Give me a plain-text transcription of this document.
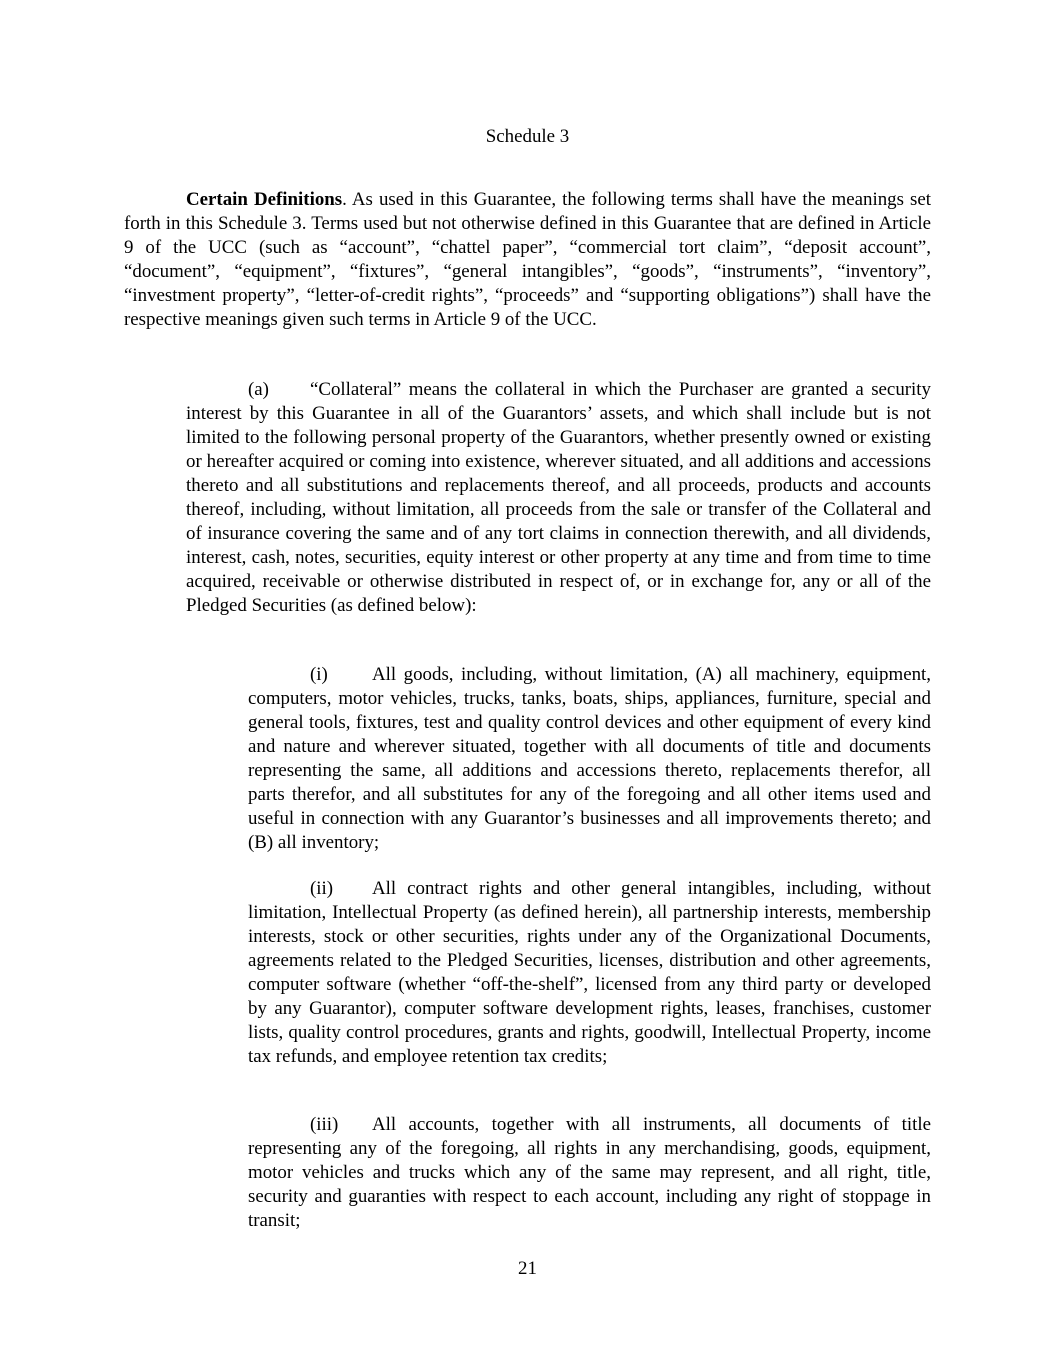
Schedule 3

Certain Definitions. As used in this Guarantee, the following terms shall have the meanings set forth in this Schedule 3. Terms used but not otherwise defined in this Guarantee that are defined in Article 9 of the UCC (such as “account”, “chattel paper”, “commercial tort claim”, “deposit account”, “document”, “equipment”, “fixtures”, “general intangibles”, “goods”, “instruments”, “inventory”, “investment property”, “letter-of-credit rights”, “proceeds” and “supporting obligations”) shall have the respective meanings given such terms in Article 9 of the UCC.

(a) “Collateral” means the collateral in which the Purchaser are granted a security interest by this Guarantee in all of the Guarantors’ assets, and which shall include but is not limited to the following personal property of the Guarantors, whether presently owned or existing or hereafter acquired or coming into existence, wherever situated, and all additions and accessions thereto and all substitutions and replacements thereof, and all proceeds, products and accounts thereof, including, without limitation, all proceeds from the sale or transfer of the Collateral and of insurance covering the same and of any tort claims in connection therewith, and all dividends, interest, cash, notes, securities, equity interest or other property at any time and from time to time acquired, receivable or otherwise distributed in respect of, or in exchange for, any or all of the Pledged Securities (as defined below):

(i) All goods, including, without limitation, (A) all machinery, equipment, computers, motor vehicles, trucks, tanks, boats, ships, appliances, furniture, special and general tools, fixtures, test and quality control devices and other equipment of every kind and nature and wherever situated, together with all documents of title and documents representing the same, all additions and accessions thereto, replacements therefor, all parts therefor, and all substitutes for any of the foregoing and all other items used and useful in connection with any Guarantor’s businesses and all improvements thereto; and (B) all inventory;

(ii) All contract rights and other general intangibles, including, without limitation, Intellectual Property (as defined herein), all partnership interests, membership interests, stock or other securities, rights under any of the Organizational Documents, agreements related to the Pledged Securities, licenses, distribution and other agreements, computer software (whether “off-the-shelf”, licensed from any third party or developed by any Guarantor), computer software development rights, leases, franchises, customer lists, quality control procedures, grants and rights, goodwill, Intellectual Property, income tax refunds, and employee retention tax credits;

(iii) All accounts, together with all instruments, all documents of title representing any of the foregoing, all rights in any merchandising, goods, equipment, motor vehicles and trucks which any of the same may represent, and all right, title, security and guaranties with respect to each account, including any right of stoppage in transit;

21
